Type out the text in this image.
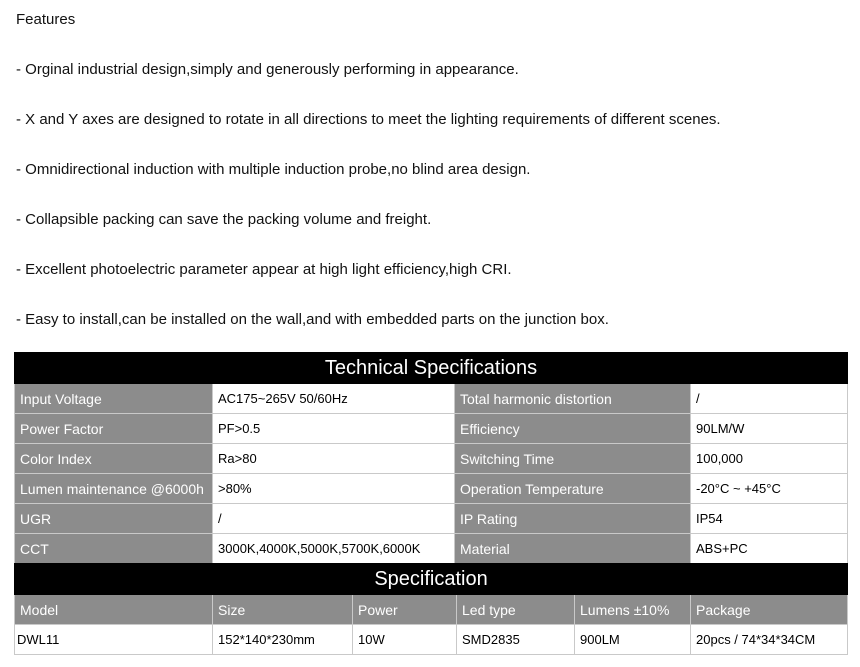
Features
- Orginal industrial design,simply and generously performing in appearance.
- X and Y axes are designed to rotate in all directions to meet the lighting requirements of different scenes.
- Omnidirectional induction with multiple induction probe,no blind area design.
- Collapsible packing can save the packing volume and freight.
- Excellent photoelectric parameter appear at high light efficiency,high CRI.
- Easy to install,can be installed on the wall,and with embedded parts on the junction box.
Technical Specifications			
Input Voltage	AC175~265V 50/60Hz	Total harmonic distortion	/
Power Factor	PF>0.5	Efficiency	90LM/W
Color Index	Ra>80	Switching Time	100,000
Lumen maintenance @6000h	>80%	Operation Temperature	-20°C ~ +45°C
UGR	/	IP Rating	IP54
CCT	3000K,4000K,5000K,5700K,6000K	Material	ABS+PC
Specification					
Model	Size	Power	Led type	Lumens ±10%	Package
DWL11	152*140*230mm	10W	SMD2835	900LM	20pcs / 74*34*34CM
